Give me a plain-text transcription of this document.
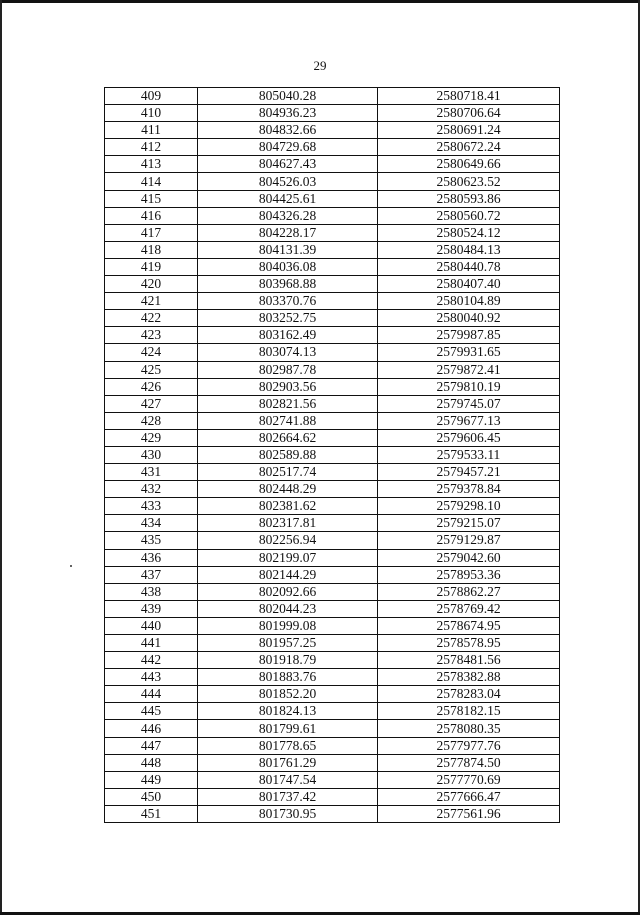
29
409	805040.28	2580718.41
410	804936.23	2580706.64
411	804832.66	2580691.24
412	804729.68	2580672.24
413	804627.43	2580649.66
414	804526.03	2580623.52
415	804425.61	2580593.86
416	804326.28	2580560.72
417	804228.17	2580524.12
418	804131.39	2580484.13
419	804036.08	2580440.78
420	803968.88	2580407.40
421	803370.76	2580104.89
422	803252.75	2580040.92
423	803162.49	2579987.85
424	803074.13	2579931.65
425	802987.78	2579872.41
426	802903.56	2579810.19
427	802821.56	2579745.07
428	802741.88	2579677.13
429	802664.62	2579606.45
430	802589.88	2579533.11
431	802517.74	2579457.21
432	802448.29	2579378.84
433	802381.62	2579298.10
434	802317.81	2579215.07
435	802256.94	2579129.87
436	802199.07	2579042.60
437	802144.29	2578953.36
438	802092.66	2578862.27
439	802044.23	2578769.42
440	801999.08	2578674.95
441	801957.25	2578578.95
442	801918.79	2578481.56
443	801883.76	2578382.88
444	801852.20	2578283.04
445	801824.13	2578182.15
446	801799.61	2578080.35
447	801778.65	2577977.76
448	801761.29	2577874.50
449	801747.54	2577770.69
450	801737.42	2577666.47
451	801730.95	2577561.96
